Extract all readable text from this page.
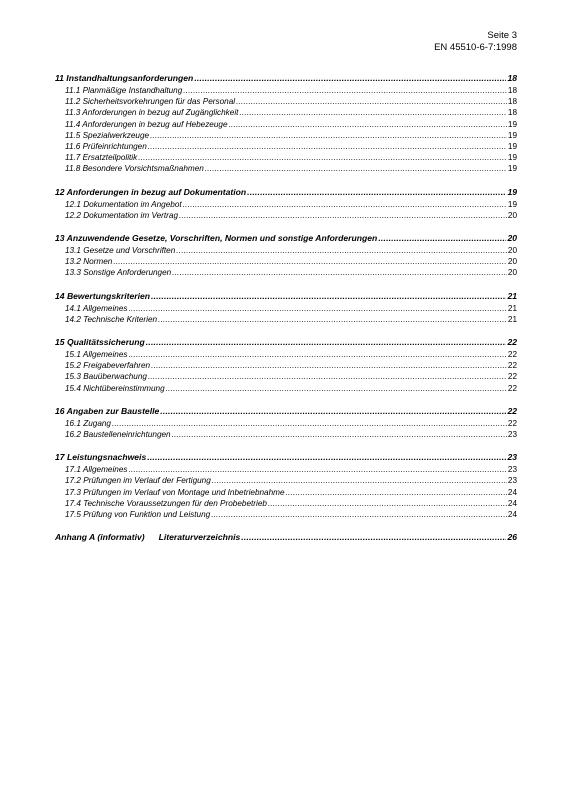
Seite 3
EN 45510-6-7:1998
11 Instandhaltungsanforderungen .....	18
11.1 Planmäßige Instandhaltung .....	18
11.2 Sicherheitsvorkehrungen für das Personal .....	18
11.3 Anforderungen in bezug auf Zugänglichkeit .....	18
11.4 Anforderungen in bezug auf Hebezeuge .....	19
11.5 Spezialwerkzeuge .....	19
11.6 Prüfeinrichtungen .....	19
11.7 Ersatzteilpolitik .....	19
11.8 Besondere Vorsichtsmaßnahmen .....	19
12 Anforderungen in bezug auf Dokumentation .....	19
12.1 Dokumentation im Angebot .....	19
12.2 Dokumentation im Vertrag .....	20
13 Anzuwendende Gesetze, Vorschriften, Normen und sonstige Anforderungen .....	20
13.1 Gesetze und Vorschriften .....	20
13.2 Normen .....	20
13.3 Sonstige Anforderungen .....	20
14 Bewertungskriterien .....	21
14.1 Allgemeines .....	21
14.2 Technische Kriterien .....	21
15 Qualitätssicherung .....	22
15.1 Allgemeines .....	22
15.2 Freigabeverfahren .....	22
15.3 Bauüberwachung .....	22
15.4 Nichtübereinstimmung .....	22
16 Angaben zur Baustelle .....	22
16.1 Zugang .....	22
16.2 Baustelleneinrichtungen .....	23
17 Leistungsnachweis .....	23
17.1 Allgemeines .....	23
17.2 Prüfungen im Verlauf der Fertigung .....	23
17.3 Prüfungen im Verlauf von Montage und Inbetriebnahme .....	24
17.4 Technische Voraussetzungen für den Probebetrieb .....	24
17.5 Prüfung von Funktion und Leistung .....	24
Anhang A (informativ) Literaturverzeichnis .....	26
